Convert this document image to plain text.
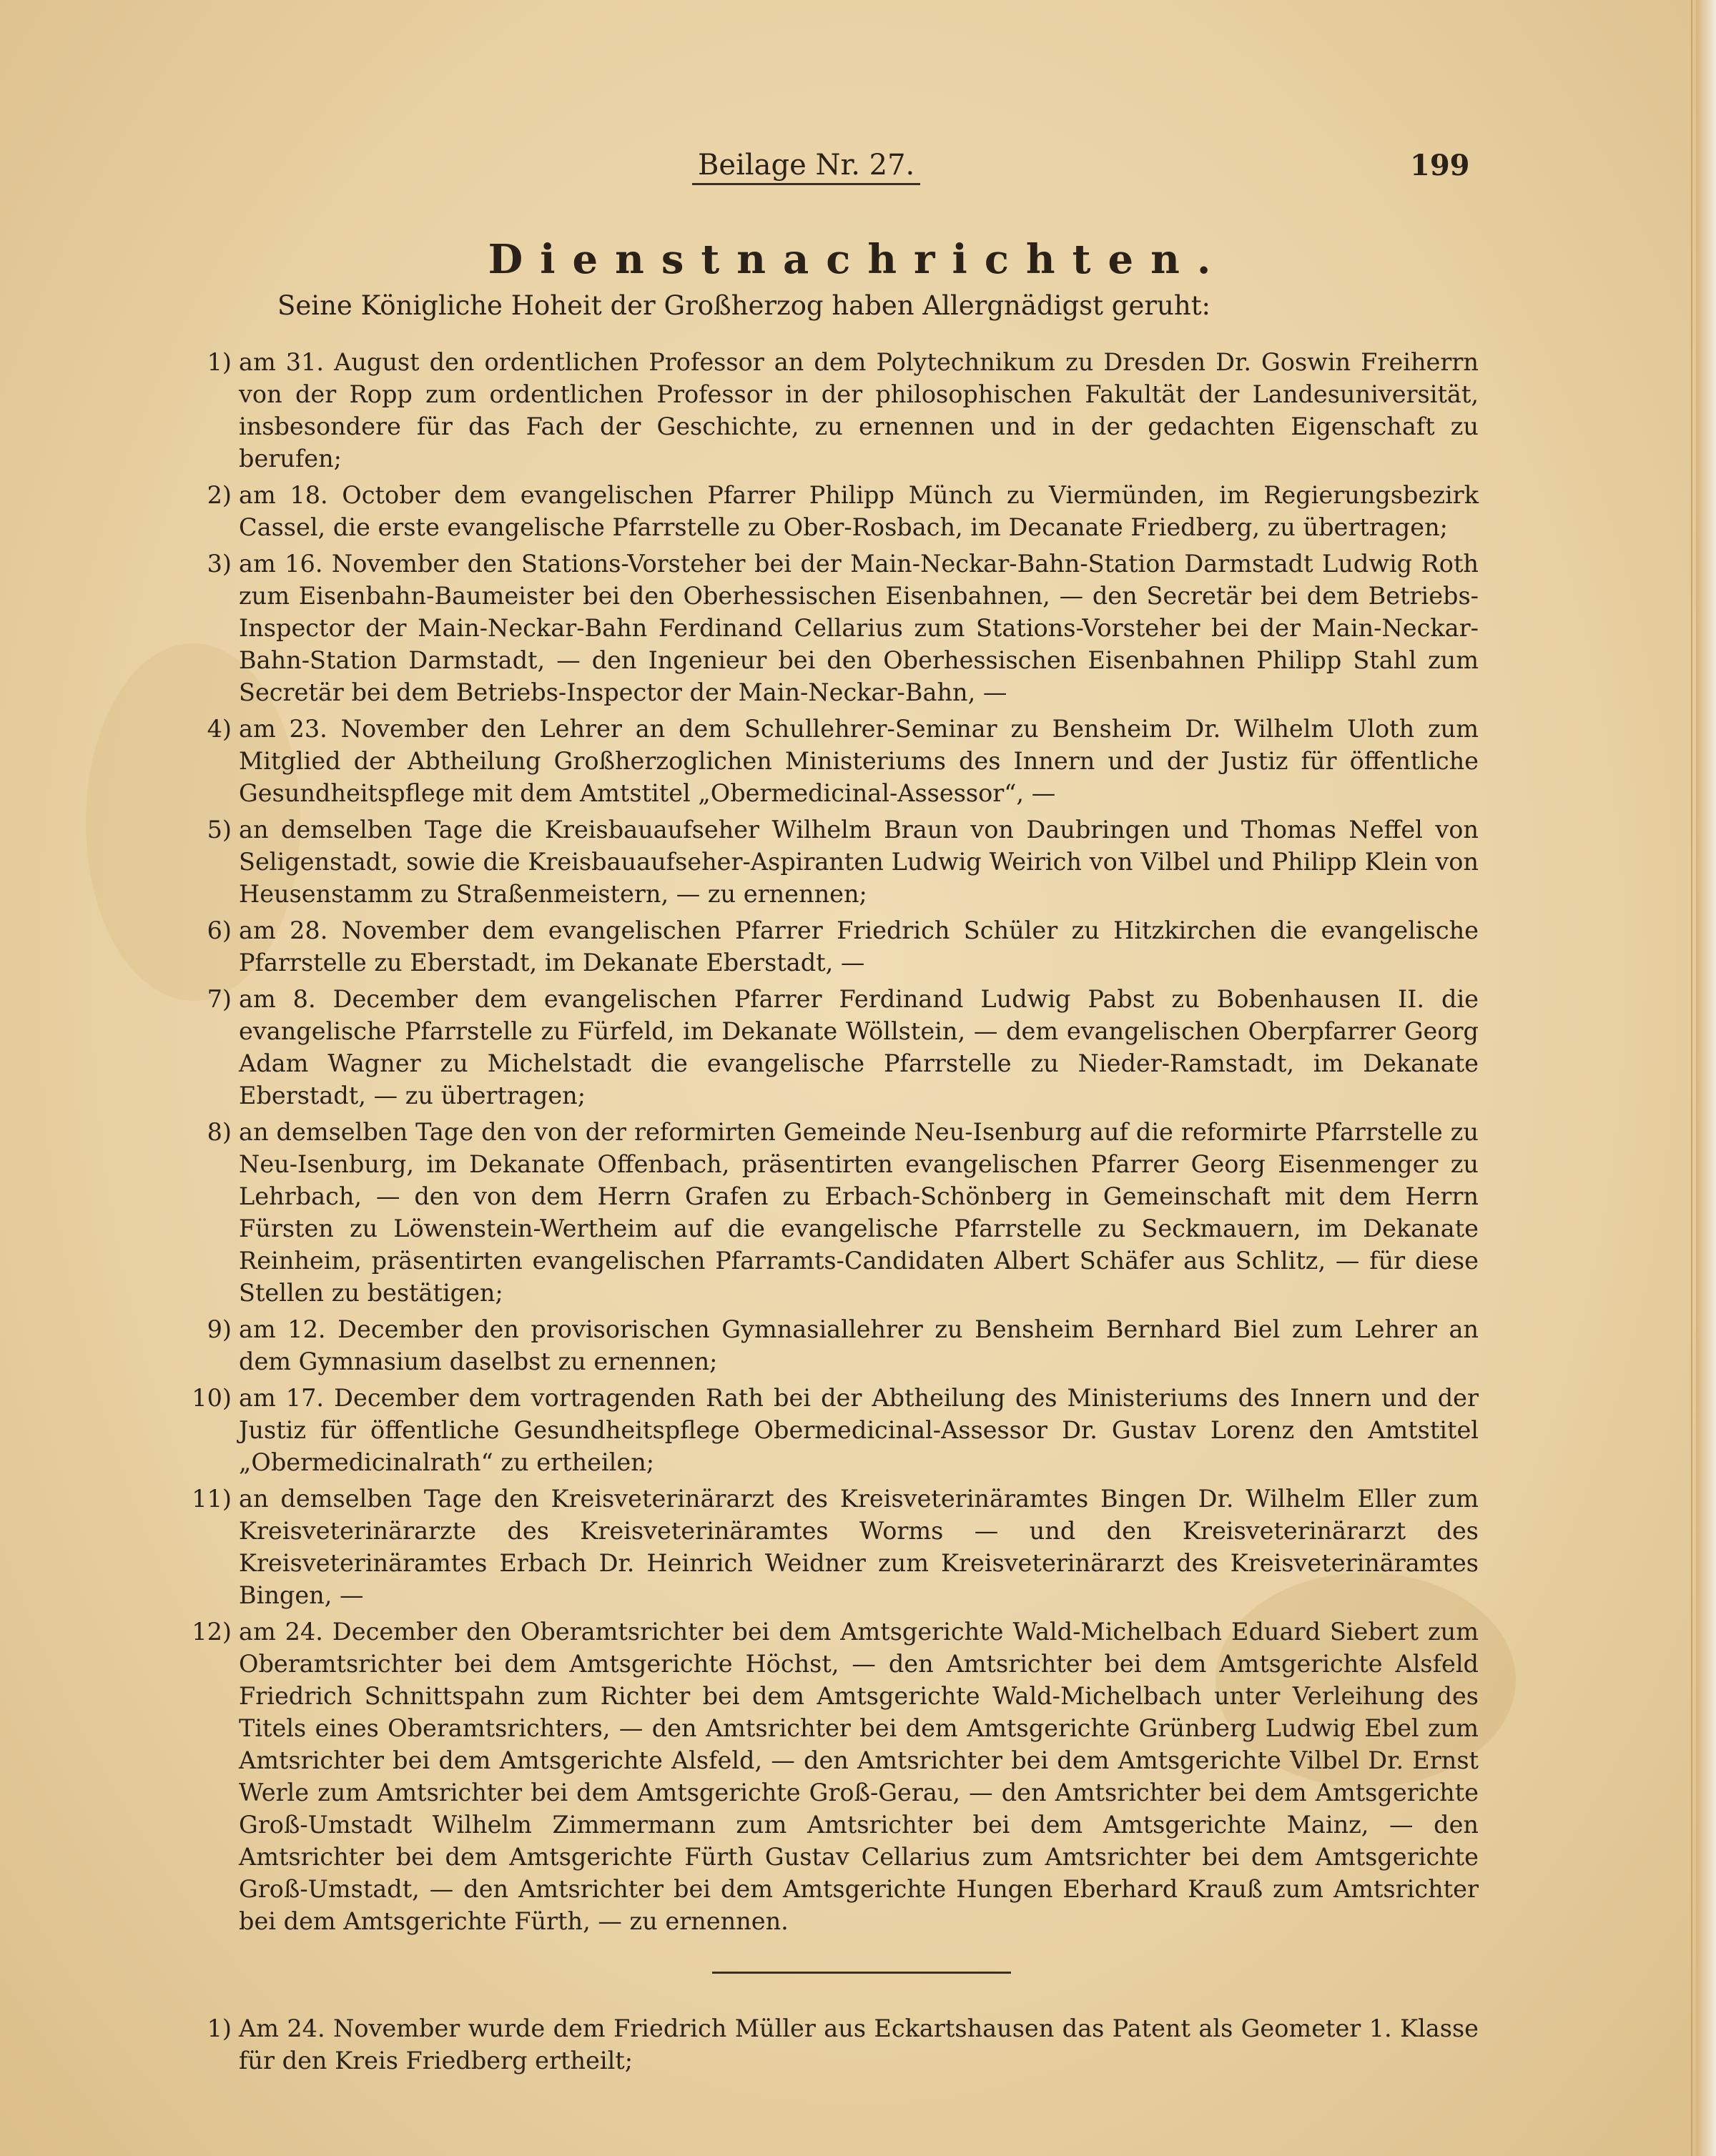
Beilage Nr. 27.	199
Dienstnachrichten.
Seine Königliche Hoheit der Großherzog haben Allergnädigst geruht:
1) am 31. August den ordentlichen Professor an dem Polytechnikum zu Dresden Dr. Goswin Freiherrn von der Ropp zum ordentlichen Professor in der philosophischen Fakultät der Landesuniversität, insbesondere für das Fach der Geschichte, zu ernennen und in der gedachten Eigenschaft zu berufen;
2) am 18. October dem evangelischen Pfarrer Philipp Münch zu Viermünden, im Regierungsbezirk Cassel, die erste evangelische Pfarrstelle zu Ober-Rosbach, im Decanate Friedberg, zu übertragen;
3) am 16. November den Stations-Vorsteher bei der Main-Neckar-Bahn-Station Darmstadt Ludwig Roth zum Eisenbahn-Baumeister bei den Oberhessischen Eisenbahnen, — den Secretär bei dem Betriebs-Inspector der Main-Neckar-Bahn Ferdinand Cellarius zum Stations-Vorsteher bei der Main-Neckar-Bahn-Station Darmstadt, — den Ingenieur bei den Oberhessischen Eisenbahnen Philipp Stahl zum Secretär bei dem Betriebs-Inspector der Main-Neckar-Bahn, —
4) am 23. November den Lehrer an dem Schullehrer-Seminar zu Bensheim Dr. Wilhelm Uloth zum Mitglied der Abtheilung Großherzoglichen Ministeriums des Innern und der Justiz für öffentliche Gesundheitspflege mit dem Amtstitel „Obermedicinal-Assessor“, —
5) an demselben Tage die Kreisbauaufseher Wilhelm Braun von Daubringen und Thomas Neffel von Seligenstadt, sowie die Kreisbauaufseher-Aspiranten Ludwig Weirich von Vilbel und Philipp Klein von Heusenstamm zu Straßenmeistern, — zu ernennen;
6) am 28. November dem evangelischen Pfarrer Friedrich Schüler zu Hitzkirchen die evangelische Pfarrstelle zu Eberstadt, im Dekanate Eberstadt, —
7) am 8. December dem evangelischen Pfarrer Ferdinand Ludwig Pabst zu Bobenhausen II. die evangelische Pfarrstelle zu Fürfeld, im Dekanate Wöllstein, — dem evangelischen Oberpfarrer Georg Adam Wagner zu Michelstadt die evangelische Pfarrstelle zu Nieder-Ramstadt, im Dekanate Eberstadt, — zu übertragen;
8) an demselben Tage den von der reformirten Gemeinde Neu-Isenburg auf die reformirte Pfarrstelle zu Neu-Isenburg, im Dekanate Offenbach, präsentirten evangelischen Pfarrer Georg Eisenmenger zu Lehrbach, — den von dem Herrn Grafen zu Erbach-Schönberg in Gemeinschaft mit dem Herrn Fürsten zu Löwenstein-Wertheim auf die evangelische Pfarrstelle zu Seckmauern, im Dekanate Reinheim, präsentirten evangelischen Pfarramts-Candidaten Albert Schäfer aus Schlitz, — für diese Stellen zu bestätigen;
9) am 12. December den provisorischen Gymnasiallehrer zu Bensheim Bernhard Biel zum Lehrer an dem Gymnasium daselbst zu ernennen;
10) am 17. December dem vortragenden Rath bei der Abtheilung des Ministeriums des Innern und der Justiz für öffentliche Gesundheitspflege Obermedicinal-Assessor Dr. Gustav Lorenz den Amtstitel „Obermedicinalrath“ zu ertheilen;
11) an demselben Tage den Kreisveterinärarzt des Kreisveterinäramtes Bingen Dr. Wilhelm Eller zum Kreisveterinärarzte des Kreisveterinäramtes Worms — und den Kreisveterinärarzt des Kreisveterinäramtes Erbach Dr. Heinrich Weidner zum Kreisveterinärarzt des Kreisveterinäramtes Bingen, —
12) am 24. December den Oberamtsrichter bei dem Amtsgerichte Wald-Michelbach Eduard Siebert zum Oberamtsrichter bei dem Amtsgerichte Höchst, — den Amtsrichter bei dem Amtsgerichte Alsfeld Friedrich Schnittspahn zum Richter bei dem Amtsgerichte Wald-Michelbach unter Verleihung des Titels eines Oberamtsrichters, — den Amtsrichter bei dem Amtsgerichte Grünberg Ludwig Ebel zum Amtsrichter bei dem Amtsgerichte Alsfeld, — den Amtsrichter bei dem Amtsgerichte Vilbel Dr. Ernst Werle zum Amtsrichter bei dem Amtsgerichte Groß-Gerau, — den Amtsrichter bei dem Amtsgerichte Groß-Umstadt Wilhelm Zimmermann zum Amtsrichter bei dem Amtsgerichte Mainz, — den Amtsrichter bei dem Amtsgerichte Fürth Gustav Cellarius zum Amtsrichter bei dem Amtsgerichte Groß-Umstadt, — den Amtsrichter bei dem Amtsgerichte Hungen Eberhard Krauß zum Amtsrichter bei dem Amtsgerichte Fürth, — zu ernennen.
1) Am 24. November wurde dem Friedrich Müller aus Eckartshausen das Patent als Geometer 1. Klasse für den Kreis Friedberg ertheilt;
